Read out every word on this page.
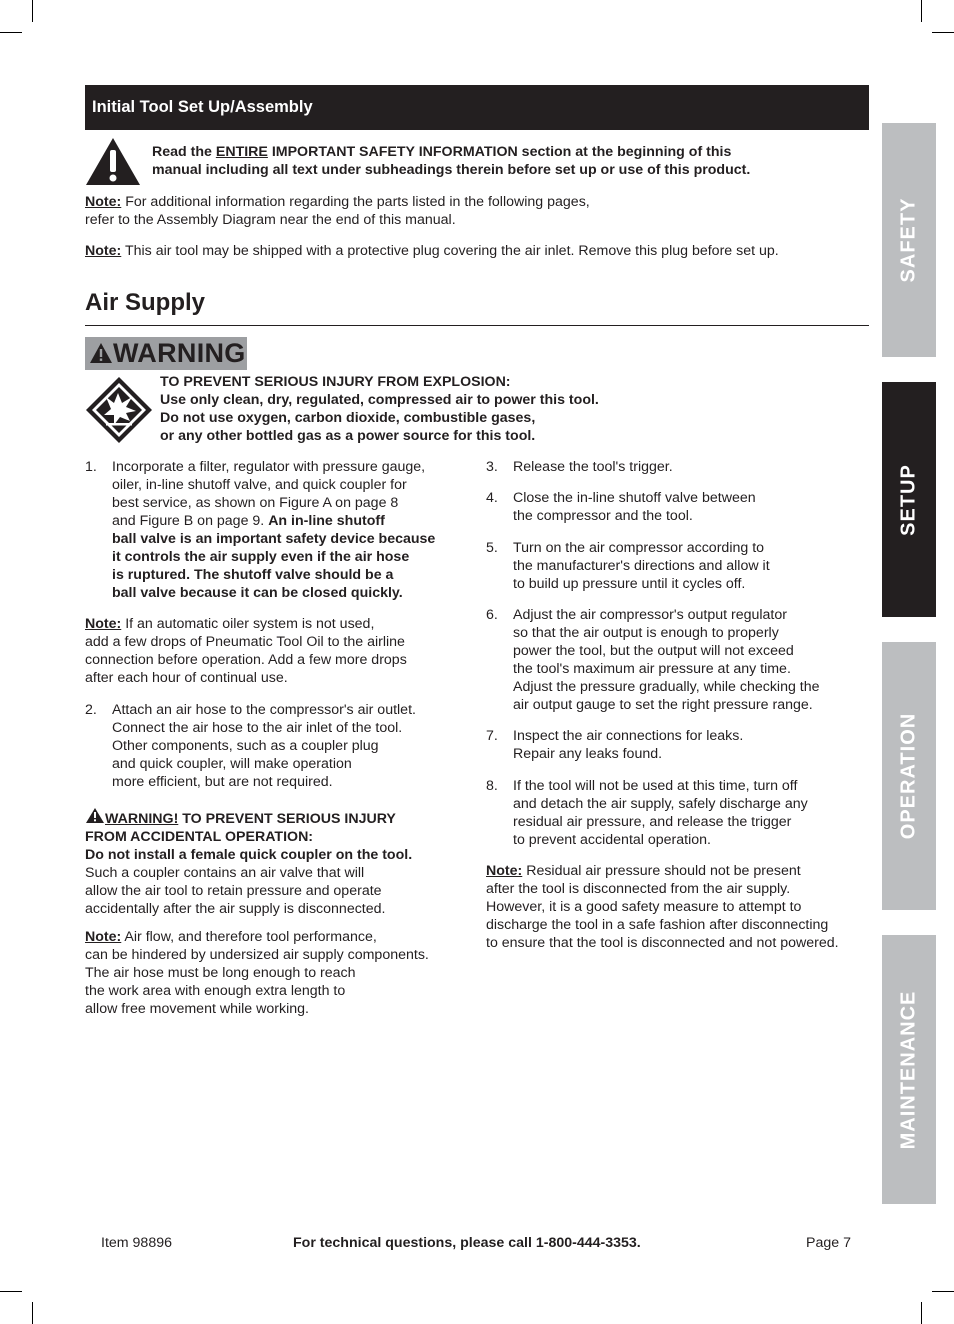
Initial Tool Set Up/Assembly
Read the ENTIRE IMPORTANT SAFETY INFORMATION section at the beginning of this
manual including all text under subheadings therein before set up or use of this product.
Note: For additional information regarding the parts listed in the following pages,
refer to the Assembly Diagram near the end of this manual.
Note: This air tool may be shipped with a protective plug covering the air inlet. Remove this plug before set up.
Air Supply
WARNING
TO PREVENT SERIOUS INJURY FROM EXPLOSION:
Use only clean, dry, regulated, compressed air to power this tool.
Do not use oxygen, carbon dioxide, combustible gases,
or any other bottled gas as a power source for this tool.
1. Incorporate a filter, regulator with pressure gauge,
oiler, in-line shutoff valve, and quick coupler for
best service, as shown on Figure A on page 8
and Figure B on page 9. An in-line shutoff
ball valve is an important safety device because
it controls the air supply even if the air hose
is ruptured. The shutoff valve should be a
ball valve because it can be closed quickly.
Note: If an automatic oiler system is not used,
add a few drops of Pneumatic Tool Oil to the airline
connection before operation. Add a few more drops
after each hour of continual use.
2. Attach an air hose to the compressor's air outlet.
Connect the air hose to the air inlet of the tool.
Other components, such as a coupler plug
and quick coupler, will make operation
more efficient, but are not required.
WARNING! TO PREVENT SERIOUS INJURY
FROM ACCIDENTAL OPERATION:
Do not install a female quick coupler on the tool.
Such a coupler contains an air valve that will
allow the air tool to retain pressure and operate
accidentally after the air supply is disconnected.
Note: Air flow, and therefore tool performance,
can be hindered by undersized air supply components.
The air hose must be long enough to reach
the work area with enough extra length to
allow free movement while working.
3. Release the tool's trigger.
4. Close the in-line shutoff valve between
the compressor and the tool.
5. Turn on the air compressor according to
the manufacturer's directions and allow it
to build up pressure until it cycles off.
6. Adjust the air compressor's output regulator
so that the air output is enough to properly
power the tool, but the output will not exceed
the tool's maximum air pressure at any time.
Adjust the pressure gradually, while checking the
air output gauge to set the right pressure range.
7. Inspect the air connections for leaks.
Repair any leaks found.
8. If the tool will not be used at this time, turn off
and detach the air supply, safely discharge any
residual air pressure, and release the trigger
to prevent accidental operation.
Note: Residual air pressure should not be present
after the tool is disconnected from the air supply.
However, it is a good safety measure to attempt to
discharge the tool in a safe fashion after disconnecting
to ensure that the tool is disconnected and not powered.
SAFETY
SETUP
OPERATION
MAINTENANCE
Item 98896	For technical questions, please call 1-800-444-3353.	Page 7
